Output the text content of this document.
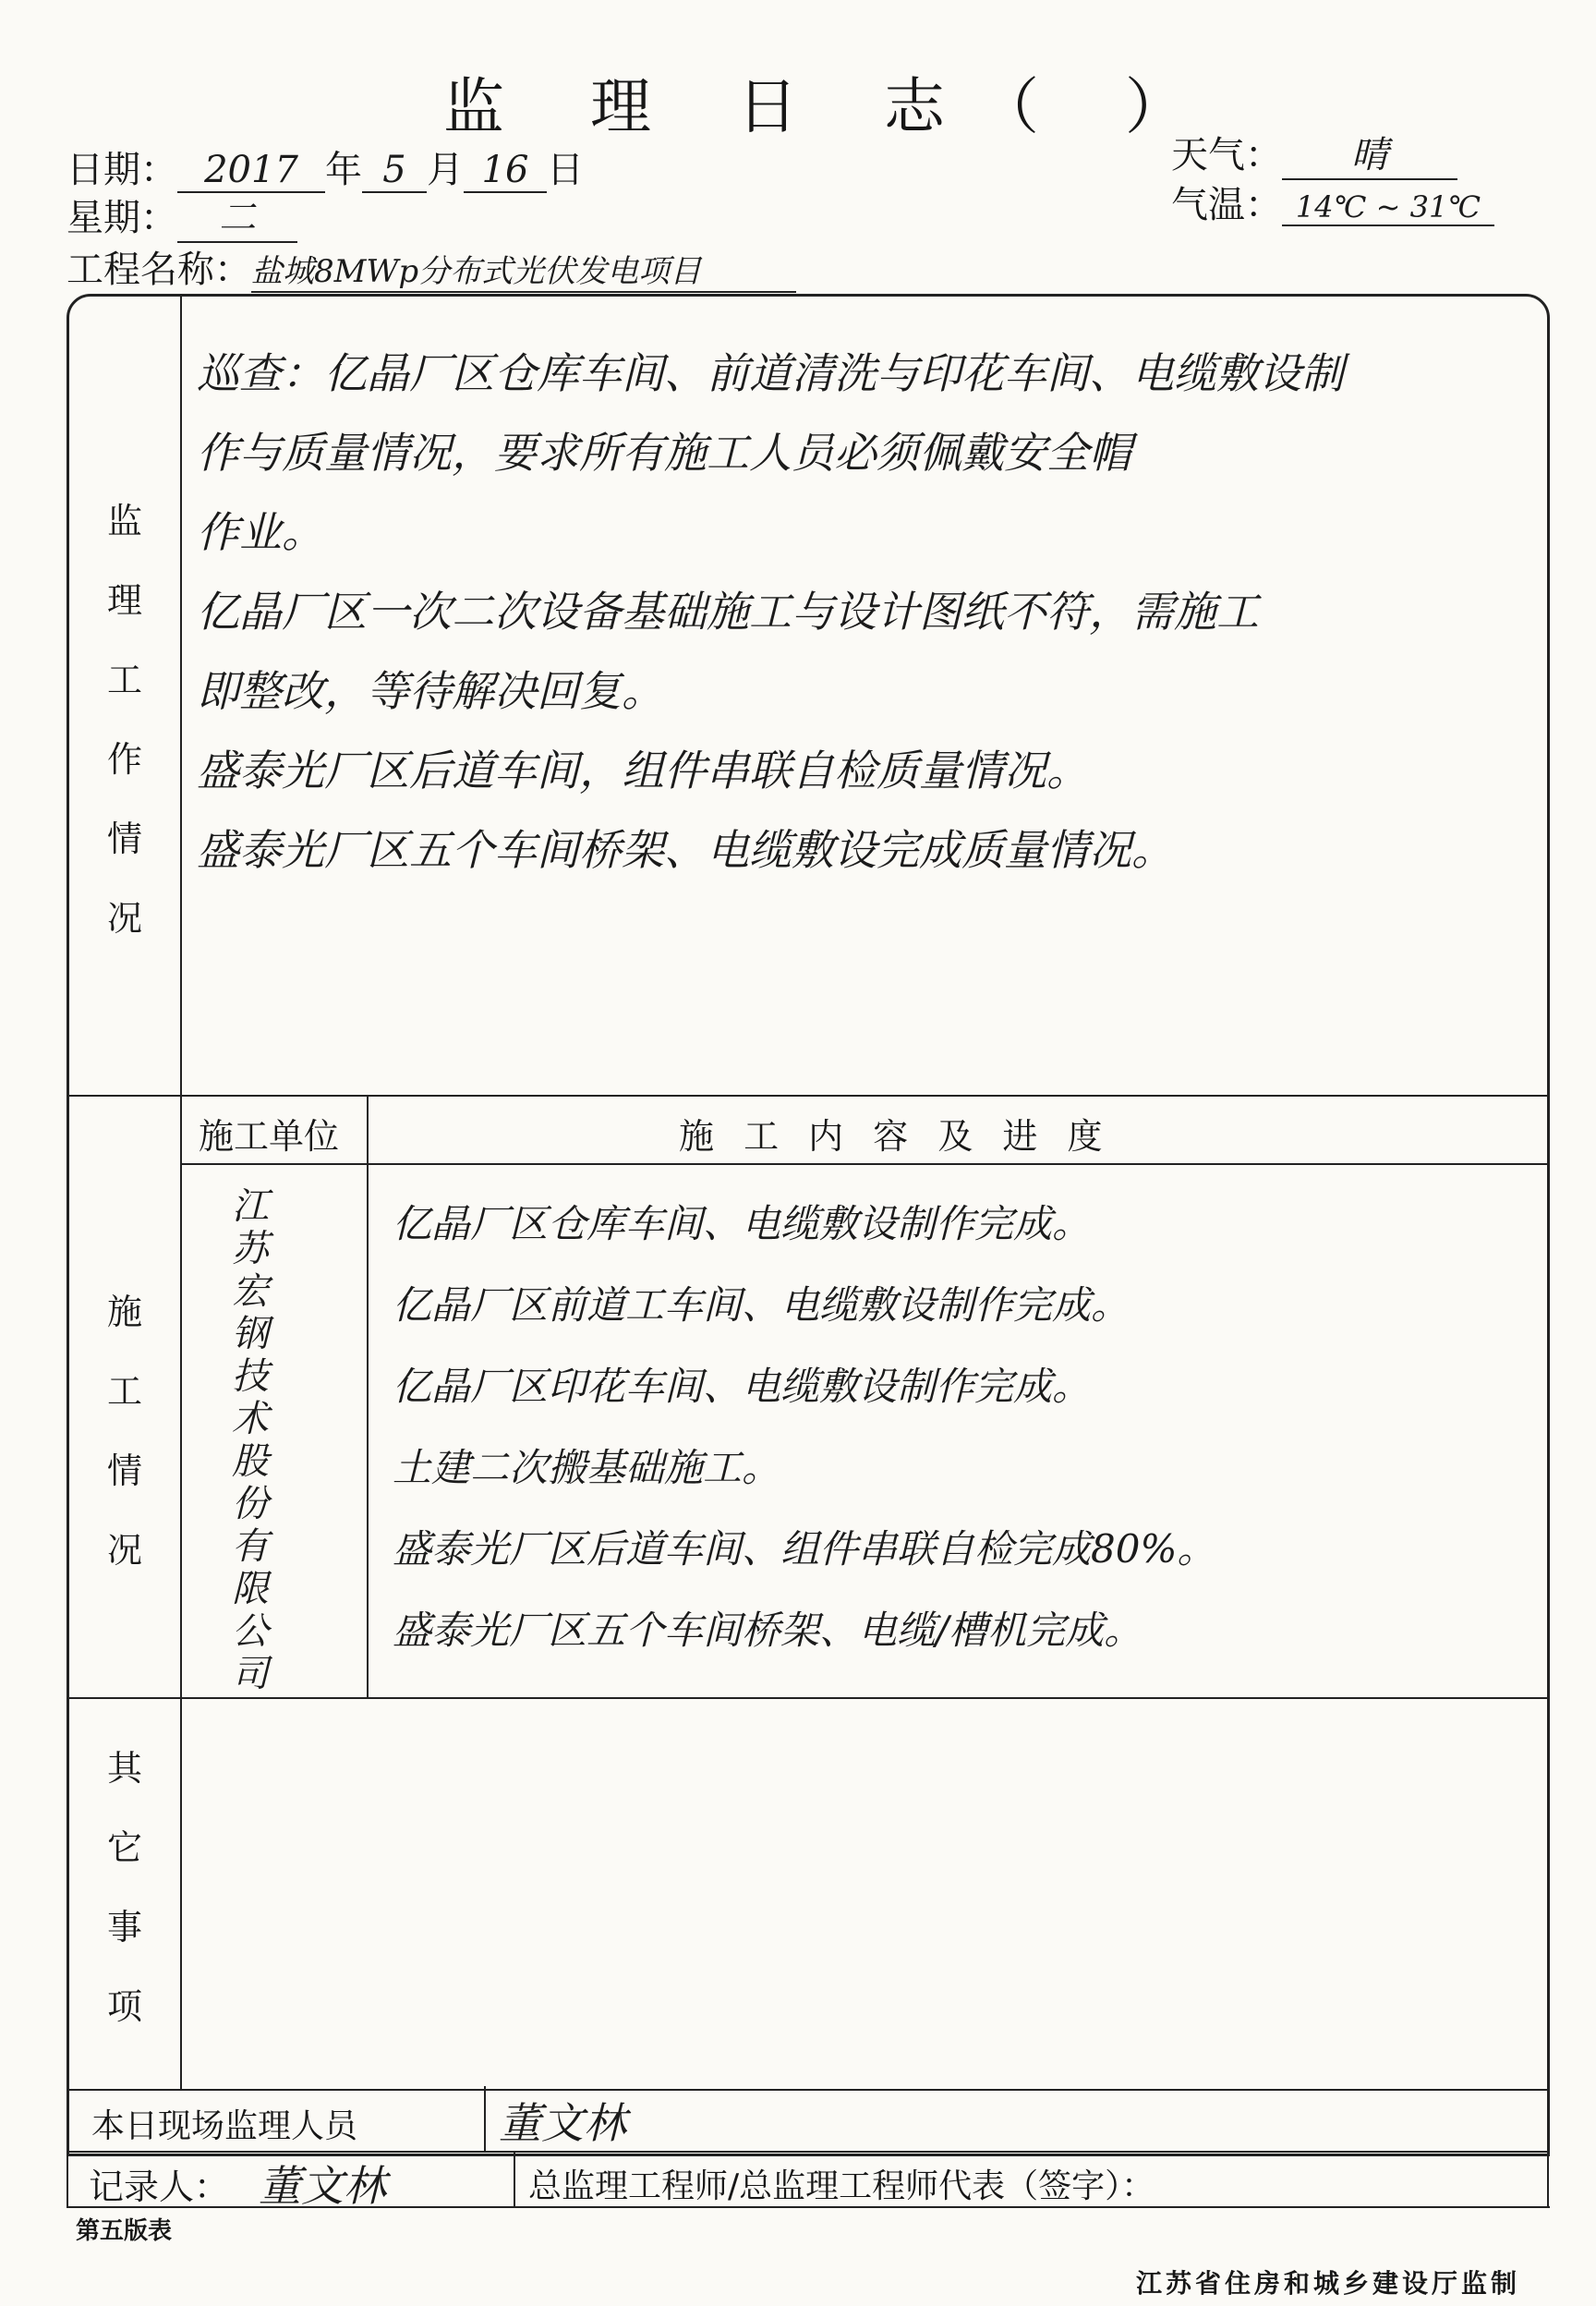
监 理 日 志（ ）
日期： 2017 年 5 月 16 日
星期： 二
工程名称：盐城8MWp分布式光伏发电项目
天气： 晴
气温： 14℃ ~ 31℃
监
理
工
作
情
况
巡查：亿晶厂区仓库车间、前道清洗与印花车间、电缆敷设制
作与质量情况，要求所有施工人员必须佩戴安全帽
作业。
亿晶厂区一次二次设备基础施工与设计图纸不符，需施工
即整改，等待解决回复。
盛泰光厂区后道车间，组件串联自检质量情况。
盛泰光厂区五个车间桥架、电缆敷设完成质量情况。
施工单位	施 工 内 容 及 进 度
施
工
情
况
江苏宏钢技术股份有限公司
亿晶厂区仓库车间、电缆敷设制作完成。
亿晶厂区前道工车间、电缆敷设制作完成。
亿晶厂区印花车间、电缆敷设制作完成。
土建二次搬基础施工。
盛泰光厂区后道车间、组件串联自检完成80%。
盛泰光厂区五个车间桥架、电缆/槽机完成。
其
它
事
项
本日现场监理人员	董文林
记录人： 董文林	总监理工程师/总监理工程师代表（签字）：
第五版表
江苏省住房和城乡建设厅监制
